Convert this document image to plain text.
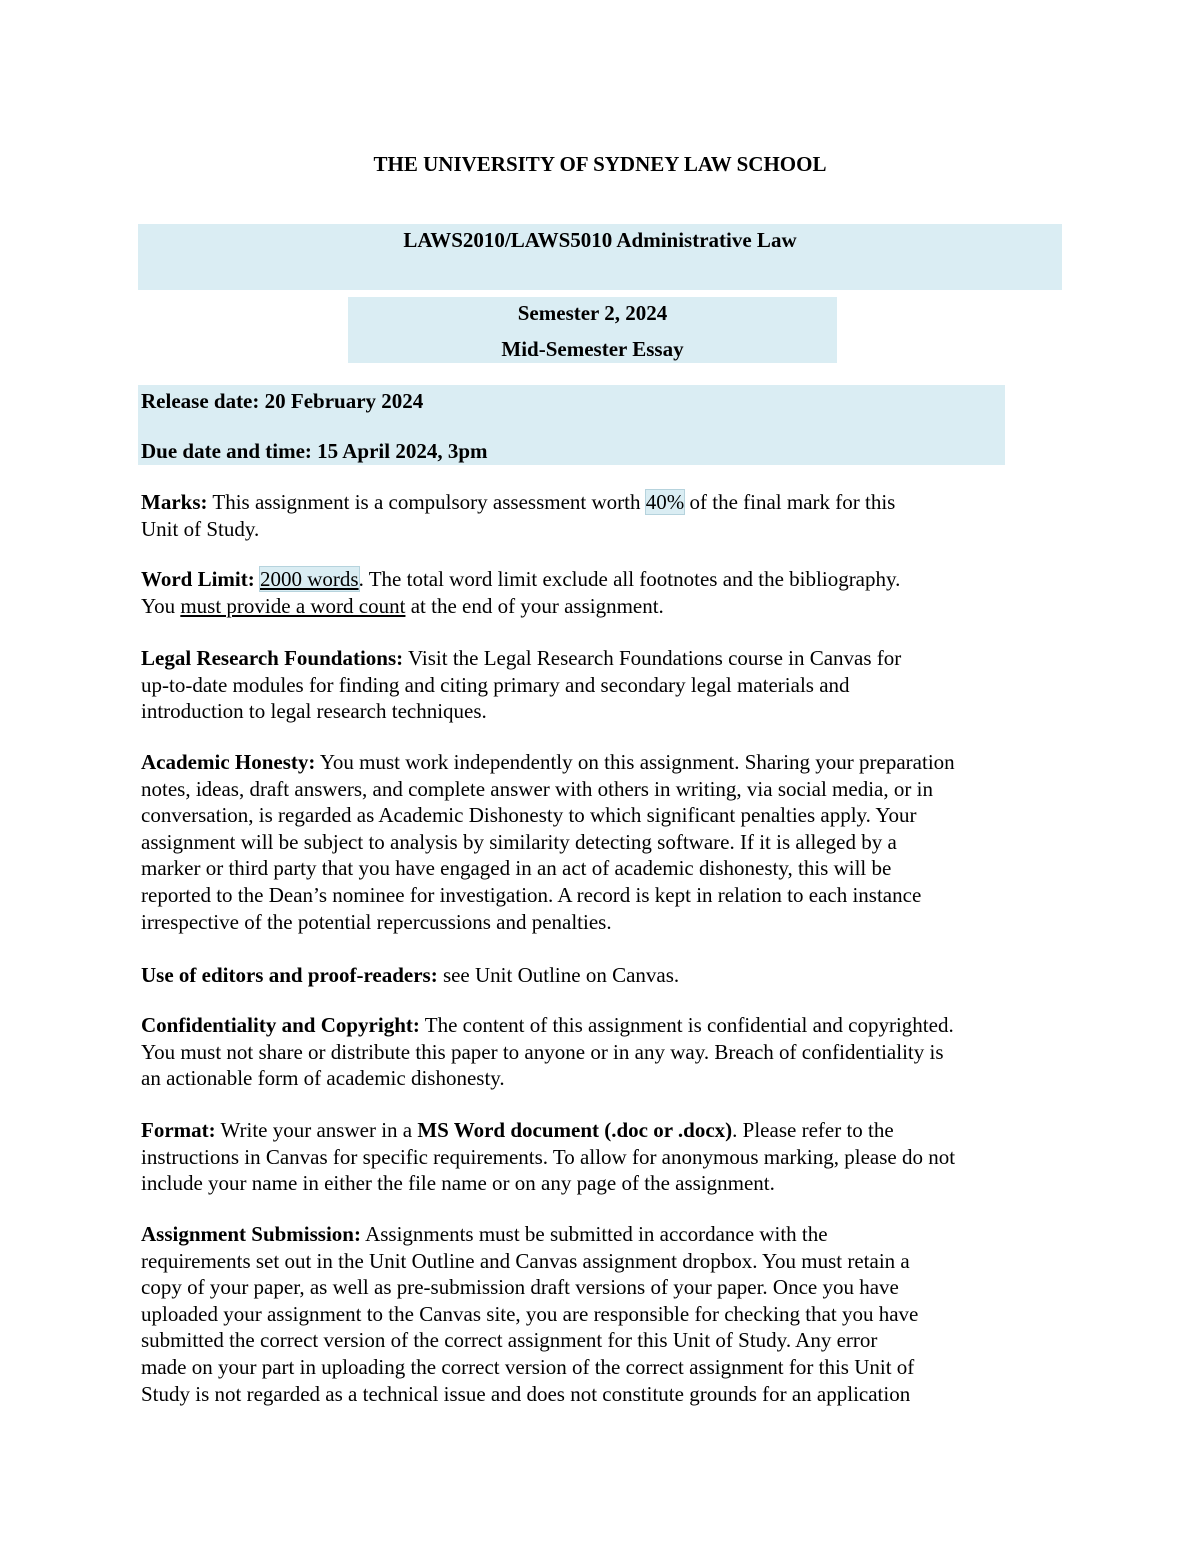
THE UNIVERSITY OF SYDNEY LAW SCHOOL
LAWS2010/LAWS5010 Administrative Law
Semester 2, 2024
Mid-Semester Essay
Release date: 20 February 2024
Due date and time: 15 April 2024, 3pm
Marks: This assignment is a compulsory assessment worth 40% of the final mark for this
Unit of Study.
Word Limit: 2000 words. The total word limit exclude all footnotes and the bibliography.
You must provide a word count at the end of your assignment.
Legal Research Foundations: Visit the Legal Research Foundations course in Canvas for
up-to-date modules for finding and citing primary and secondary legal materials and
introduction to legal research techniques.
Academic Honesty: You must work independently on this assignment. Sharing your preparation
notes, ideas, draft answers, and complete answer with others in writing, via social media, or in
conversation, is regarded as Academic Dishonesty to which significant penalties apply. Your
assignment will be subject to analysis by similarity detecting software. If it is alleged by a
marker or third party that you have engaged in an act of academic dishonesty, this will be
reported to the Dean’s nominee for investigation. A record is kept in relation to each instance
irrespective of the potential repercussions and penalties.
Use of editors and proof-readers: see Unit Outline on Canvas.
Confidentiality and Copyright: The content of this assignment is confidential and copyrighted.
You must not share or distribute this paper to anyone or in any way. Breach of confidentiality is
an actionable form of academic dishonesty.
Format: Write your answer in a MS Word document (.doc or .docx). Please refer to the
instructions in Canvas for specific requirements. To allow for anonymous marking, please do not
include your name in either the file name or on any page of the assignment.
Assignment Submission: Assignments must be submitted in accordance with the
requirements set out in the Unit Outline and Canvas assignment dropbox. You must retain a
copy of your paper, as well as pre-submission draft versions of your paper. Once you have
uploaded your assignment to the Canvas site, you are responsible for checking that you have
submitted the correct version of the correct assignment for this Unit of Study. Any error
made on your part in uploading the correct version of the correct assignment for this Unit of
Study is not regarded as a technical issue and does not constitute grounds for an application
